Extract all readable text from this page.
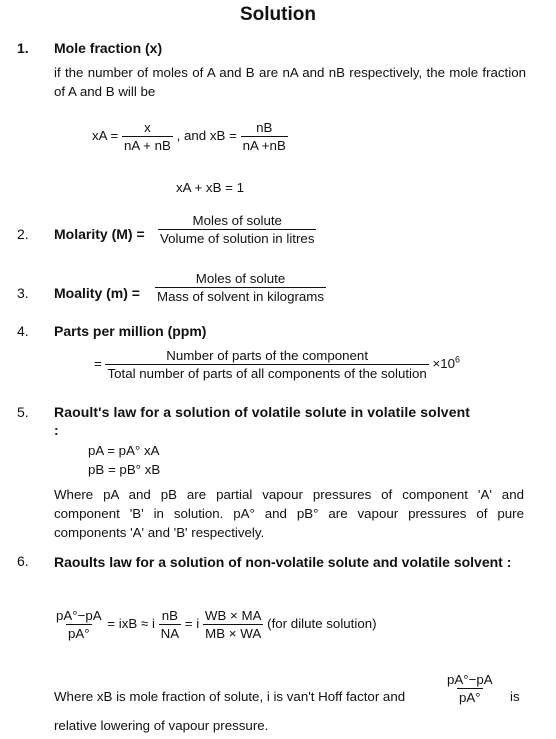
Solution
1. Mole fraction (x)
if the number of moles of A and B are nA and nB respectively, the mole fraction of A and B will be
xA = $\frac{x}{nA + nB}$ , and xB = $\frac{nB}{nA +nB}$
xA + xB = 1
2. Molarity $(M) = \frac{\text{Moles of solute}}{\text{Volume of solution in litres}}$
3. Moality $(m) = \frac{\text{Moles of solute}}{\text{Mass of solvent in kilograms}}$
4. Parts per million (ppm)
= $\frac{\text{Number of parts of the component}}{\text{Total number of parts of all components of the solution}} \times 10^6$
5. Raoult's law for a solution of volatile solute in volatile solvent
:
pA = pA° xA
pB = pB° xB
Where pA and pB are partial vapour pressures of component 'A' and component 'B' in solution. pA° and pB° are vapour pressures of pure components 'A' and 'B' respectively.
6. Raoults law for a solution of non-volatile solute and volatile solvent :
$\frac{pA^\circ-pA}{pA^\circ}$ = ixB ≈ i $\frac{nB}{NA} = i \frac{WB \times MA}{MB \times WA} (for$ dilute solution)
Where xB is mole fraction of solute, i is van't Hoff factor and	$\frac{pA^\circ-pA}{pA^\circ}$ is
relative lowering of vapour pressure.
